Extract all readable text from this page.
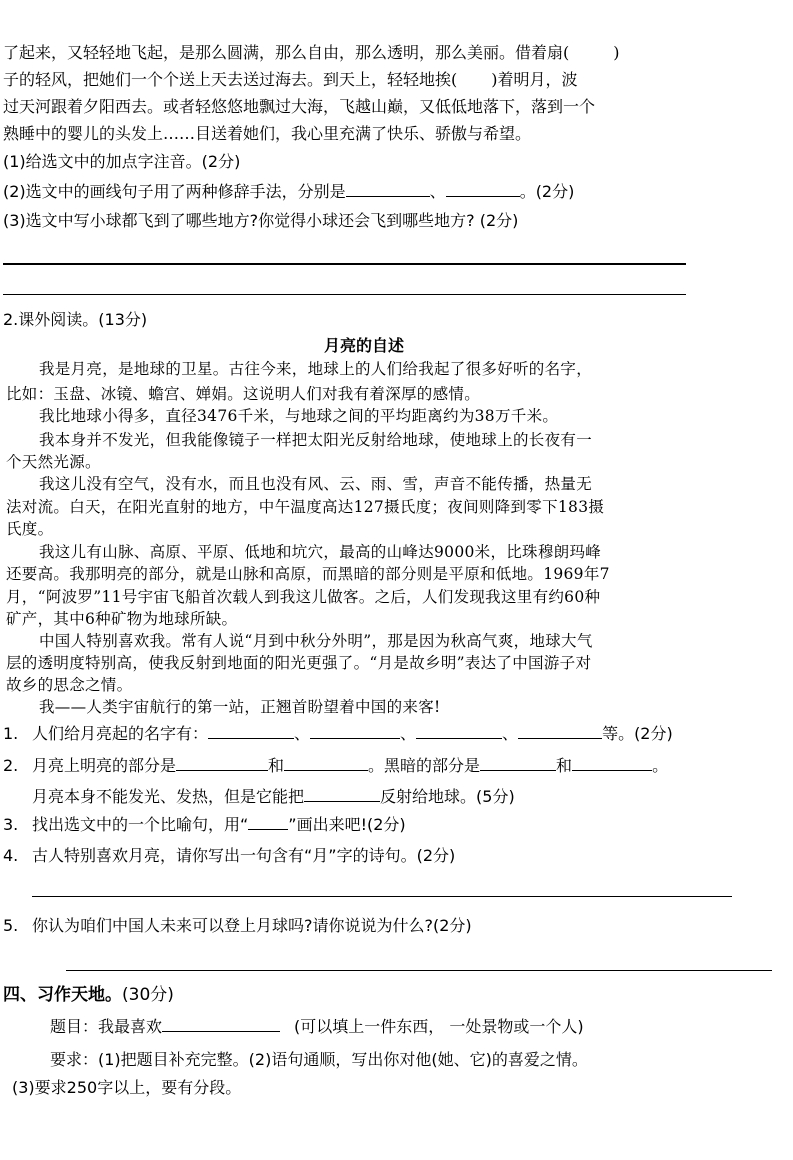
了起来，又轻轻地飞起，是那么圆满，那么自由，那么透明，那么美丽。借着扇(	)
子的轻风，把她们一个个送上天去送过海去。到天上，轻轻地挨( )着明月，波
过天河跟着夕阳西去。或者轻悠悠地飘过大海，飞越山巅，又低低地落下，落到一个
熟睡中的婴儿的头发上……目送着她们，我心里充满了快乐、骄傲与希望。
(1)给选文中的加点字注音。(2分)
(2)选文中的画线句子用了两种修辞手法，分别是	、	。(2分)
(3)选文中写小球都飞到了哪些地方?你觉得小球还会飞到哪些地方? (2分)
2.课外阅读。(13分)
月亮的自述
我是月亮，是地球的卫星。古往今来，地球上的人们给我起了很多好听的名字，
比如：玉盘、冰镜、蟾宫、婵娟。这说明人们对我有着深厚的感情。
我比地球小得多，直径3476千米，与地球之间的平均距离约为38万千米。
我本身并不发光，但我能像镜子一样把太阳光反射给地球，使地球上的长夜有一
个天然光源。
我这儿没有空气，没有水，而且也没有风、云、雨、雪，声音不能传播，热量无
法对流。白天，在阳光直射的地方，中午温度高达127摄氏度；夜间则降到零下183摄
氏度。
我这儿有山脉、高原、平原、低地和坑穴，最高的山峰达9000米，比珠穆朗玛峰
还要高。我那明亮的部分，就是山脉和高原，而黑暗的部分则是平原和低地。1969年7
月，“阿波罗”11号宇宙飞船首次载人到我这儿做客。之后，人们发现我这里有约60种
矿产，其中6种矿物为地球所缺。
中国人特别喜欢我。常有人说“月到中秋分外明”，那是因为秋高气爽，地球大气
层的透明度特别高，使我反射到地面的阳光更强了。“月是故乡明”表达了中国游子对
故乡的思念之情。
我——人类宇宙航行的第一站，正翘首盼望着中国的来客!
1. 人们给月亮起的名字有：	、	、	、	等。(2分)
2. 月亮上明亮的部分是	和	。黑暗的部分是	和	。
月亮本身不能发光、发热，但是它能把	反射给地球。(5分)
3. 找出选文中的一个比喻句，用“	”画出来吧!(2分)
4. 古人特别喜欢月亮，请你写出一句含有“月”字的诗句。(2分)
5. 你认为咱们中国人未来可以登上月球吗?请你说说为什么?(2分)
四、习作天地。(30分)
题目：我最喜欢	(可以填上一件东西， 一处景物或一个人)
要求：(1)把题目补充完整。(2)语句通顺，写出你对他(她、它)的喜爱之情。
(3)要求250字以上，要有分段。
